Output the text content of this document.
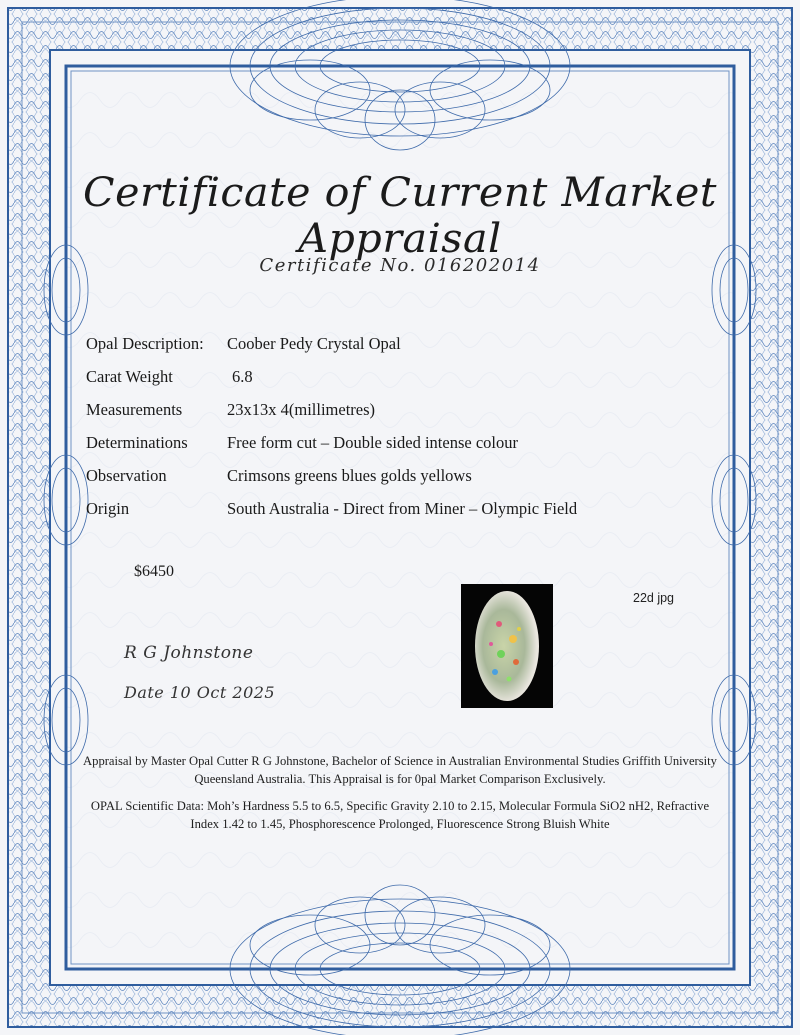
Certificate of Current Market Appraisal
Certificate No. 016202014
Opal Description:	Coober Pedy Crystal Opal
Carat Weight	6.8
Measurements	23x13x 4(millimetres)
Determinations	Free form cut – Double sided intense colour
Observation	Crimsons greens blues golds yellows
Origin	South Australia - Direct from Miner – Olympic Field
$6450
22d jpg
R G Johnstone
Date 10 Oct 2025
Appraisal by Master Opal Cutter R G Johnstone, Bachelor of Science in Australian Environmental Studies Griffith University Queensland Australia. This Appraisal is for 0pal Market Comparison Exclusively.
OPAL Scientific Data: Moh’s Hardness 5.5 to 6.5, Specific Gravity 2.10 to 2.15, Molecular Formula SiO2 nH2, Refractive Index 1.42 to 1.45, Phosphorescence Prolonged, Fluorescence Strong Bluish White
